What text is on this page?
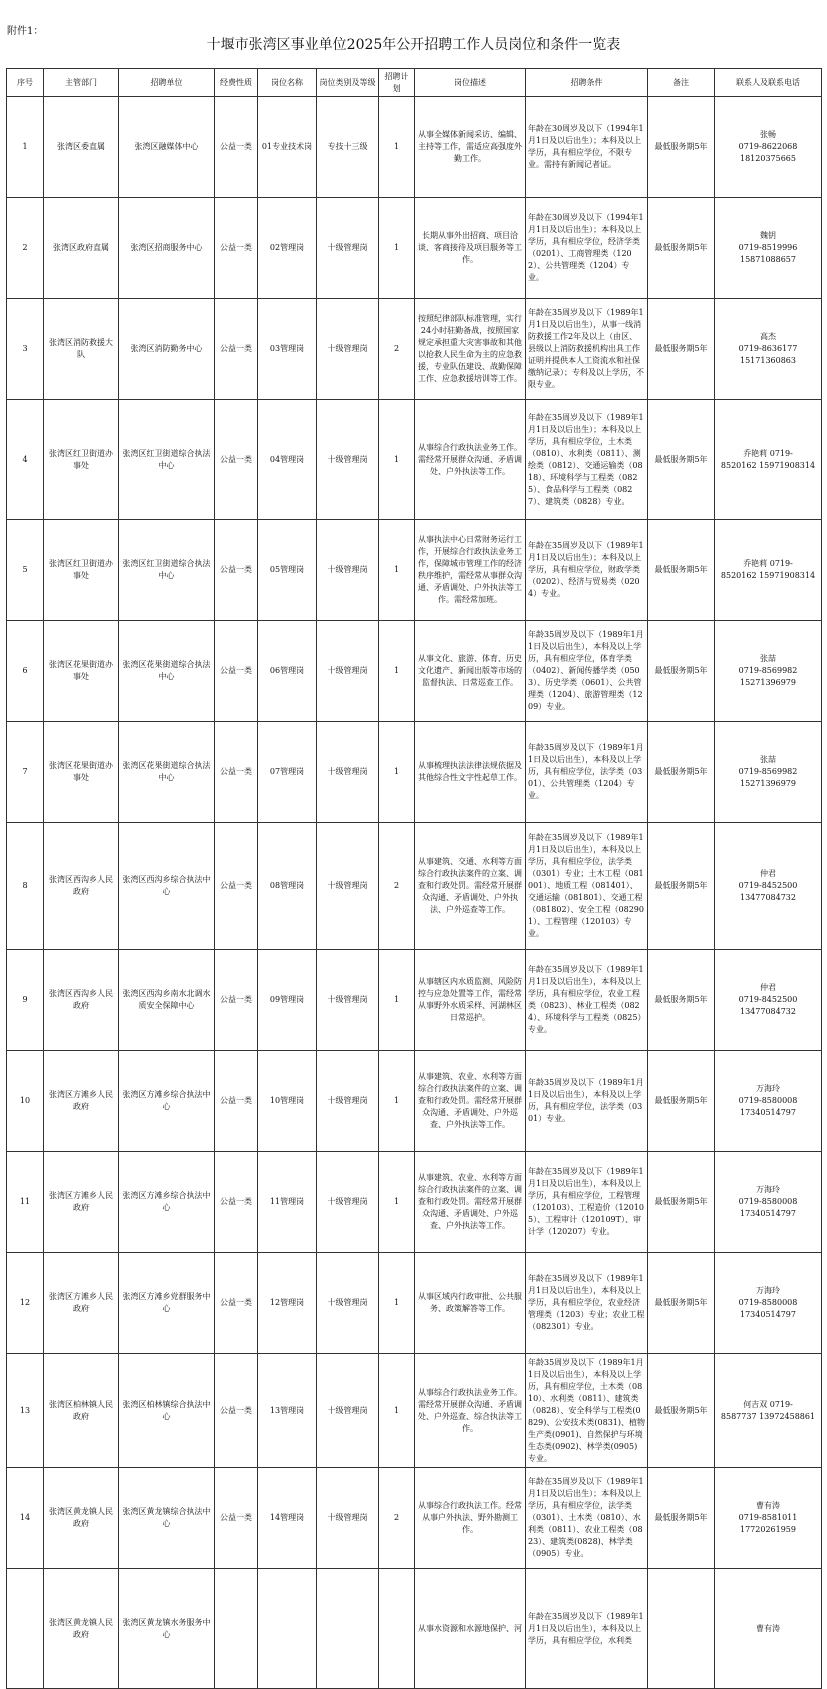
附件1：
十堰市张湾区事业单位2025年公开招聘工作人员岗位和条件一览表
序号	主管部门	招聘单位	经费性质	岗位名称	岗位类别及等级	招聘计划	岗位描述	招聘条件	备注	联系人及联系电话
1	张湾区委直属	张湾区融媒体中心	公益一类	01专业技术岗	专技十三级	1	从事全媒体新闻采访、编辑、主持等工作，需适应高强度外勤工作。	年龄在30周岁及以下（1994年1月1日及以后出生）；本科及以上学历，具有相应学位，不限专业。需持有新闻记者证。	最低服务期5年	张畅
0719-8622068
18120375665

2	张湾区政府直属	张湾区招商服务中心	公益一类	02管理岗	十级管理岗	1	长期从事外出招商、项目洽谈、客商接待及项目服务等工作。	年龄在30周岁及以下（1994年1月1日及以后出生）；本科及以上学历，具有相应学位，经济学类（0201）、工商管理类（1202）、公共管理类（1204）专业。	最低服务期5年	魏钥
0719-8519996
15871088657

3	张湾区消防救援大队	张湾区消防勤务中心	公益一类	03管理岗	十级管理岗	2	按照纪律部队标准管理，实行24小时驻勤备战，按照国家规定承担重大灾害事故和其他以抢救人民生命为主的应急救援，专业队伍建设、战勤保障工作、应急救援培训等工作。	年龄在35周岁及以下（1989年1月1日及以后出生），从事一线消防救援工作2年及以上（由区、县级以上消防救援机构出具工作证明并提供本人工资流水和社保缴纳记录）；专科及以上学历，不限专业。	最低服务期5年	高杰
0719-8636177
15171360863

4	张湾区红卫街道办事处	张湾区红卫街道综合执法中心	公益一类	04管理岗	十级管理岗	1	从事综合行政执法业务工作。需经常开展群众沟通、矛盾调处、户外执法等工作。	年龄在35周岁及以下（1989年1月1日及以后出生）；本科及以上学历，具有相应学位，土木类（0810）、水利类（0811）、测绘类（0812）、交通运输类（0818）、环境科学与工程类（0825）、食品科学与工程类（0827）、建筑类（0828）专业。	最低服务期5年	乔艳莉 0719-
8520162 15971908314

5	张湾区红卫街道办事处	张湾区红卫街道综合执法中心	公益一类	05管理岗	十级管理岗	1	从事执法中心日常财务运行工作，开展综合行政执法业务工作，保障城市管理工作的经济秩序维护，需经常从事群众沟通、矛盾调处、户外执法等工作。需经常加班。	年龄在35周岁及以下（1989年1月1日及以后出生）；本科及以上学历，具有相应学位，财政学类（0202）、经济与贸易类（0204）专业。	最低服务期5年	乔艳莉 0719-
8520162 15971908314

6	张湾区花果街道办事处	张湾区花果街道综合执法中心	公益一类	06管理岗	十级管理岗	1	从事文化、旅游、体育、历史文化遗产、新闻出版等市场的监督执法、日常巡查工作。	年龄35周岁及以下（1989年1月1日及以后出生），本科及以上学历，具有相应学位，体育学类（0402）、新闻传播学类（0503）、历史学类（0601）、公共管理类（1204）、旅游管理类（1209）专业。	最低服务期5年	张喆
0719-8569982
15271396979

7	张湾区花果街道办事处	张湾区花果街道综合执法中心	公益一类	07管理岗	十级管理岗	1	从事梳理执法法律法规依据及其他综合性文字性起草工作。	年龄35周岁及以下（1989年1月1日及以后出生），本科及以上学历，具有相应学位，法学类（0301）、公共管理类（1204）专业。	最低服务期5年	张喆
0719-8569982
15271396979

8	张湾区西沟乡人民政府	张湾区西沟乡综合执法中心	公益一类	08管理岗	十级管理岗	2	从事建筑、交通、水利等方面综合行政执法案件的立案、调查和行政处罚。需经常开展群众沟通、矛盾调处、户外执法、户外巡查等工作。	年龄在35周岁及以下（1989年1月1日及以后出生），本科及以上学历，具有相应学位，法学类（0301）专业；土木工程（081001）、地质工程（081401）、交通运输（081801）、交通工程（081802）、安全工程（082901）、工程管理（120103）专业。	最低服务期5年	仲君
0719-8452500
13477084732

9	张湾区西沟乡人民政府	张湾区西沟乡南水北调水质安全保障中心	公益一类	09管理岗	十级管理岗	1	从事辖区内水质监测、风险防控与应急处置等工作，需经常从事野外水质采样、河湖林区日常巡护。	年龄在35周岁及以下（1989年1月1日及以后出生），本科及以上学历，具有相应学位，农业工程类（0823）、林业工程类（0824）、环境科学与工程类（0825）专业。	最低服务期5年	仲君
0719-8452500
13477084732

10	张湾区方滩乡人民政府	张湾区方滩乡综合执法中心	公益一类	10管理岗	十级管理岗	1	从事建筑、农业、水利等方面综合行政执法案件的立案、调查和行政处罚。需经常开展群众沟通、矛盾调处、户外巡查、户外执法等工作。	年龄35周岁及以下（1989年1月1日及以后出生），本科及以上学历，具有相应学位，法学类（0301）专业。	最低服务期5年	万海玲
0719-8580008
17340514797

11	张湾区方滩乡人民政府	张湾区方滩乡综合执法中心	公益一类	11管理岗	十级管理岗	1	从事建筑、农业、水利等方面综合行政执法案件的立案、调查和行政处罚。需经常开展群众沟通、矛盾调处、户外巡查、户外执法等工作。	年龄在35周岁及以下（1989年1月1日及以后出生），本科及以上学历，具有相应学位，工程管理（120103）、工程造价（120105）、工程审计（120109T）、审计学（120207）专业。	最低服务期5年	万海玲
0719-8580008
17340514797

12	张湾区方滩乡人民政府	张湾区方滩乡党群服务中心	公益一类	12管理岗	十级管理岗	1	从事区域内行政审批、公共服务、政策解答等工作。	年龄在35周岁及以下（1989年1月1日及以后出生），本科及以上学历，具有相应学位，农业经济管理类（1203）专业；农业工程（082301）专业。	最低服务期5年	万海玲
0719-8580008
17340514797

13	张湾区柏林镇人民政府	张湾区柏林镇综合执法中心	公益一类	13管理岗	十级管理岗	1	从事综合行政执法业务工作。需经常开展群众沟通、矛盾调处、户外巡查、综合执法等工作。	年龄35周岁及以下（1989年1月1日及以后出生），本科及以上学历，具有相应学位，土木类（0810）、水利类（0811）、建筑类（0828）、安全科学与工程类(0829)、公安技术类(0831)、植物生产类(0901)、自然保护与环境生态类(0902)、林学类(0905)专业。	最低服务期5年	何吉双 0719-
8587737 13972458861

14	张湾区黄龙镇人民政府	张湾区黄龙镇综合执法中心	公益一类	14管理岗	十级管理岗	2	从事综合行政执法工作。经常从事户外执法、野外勘测工作。	年龄在35周岁及以下（1989年1月1日及以后出生）；本科及以上学历，具有相应学位，法学类（0301）、土木类（0810）、水利类（0811）、农业工程类（0823）、建筑类(0828)、林学类（0905）专业。	最低服务期5年	曹有涛
0719-8581011
17720261959

	张湾区黄龙镇人民政府	张湾区黄龙镇水务服务中心					从事水资源和水源地保护、河	年龄在35周岁及以下（1989年1月1日及以后出生），本科及以上学历，具有相应学位，水利类		曹有涛
